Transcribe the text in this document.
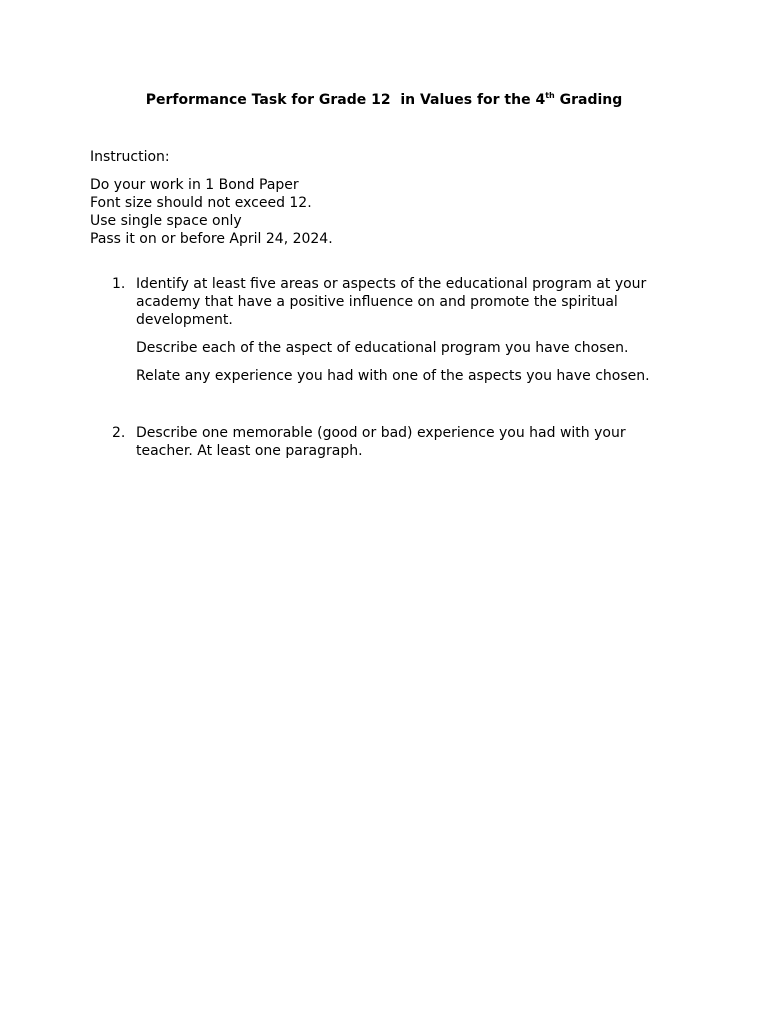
Performance Task for Grade 12  in Values for the 4th Grading
Instruction:
Do your work in 1 Bond Paper
Font size should not exceed 12.
Use single space only
Pass it on or before April 24, 2024.
1. Identify at least five areas or aspects of the educational program at your academy that have a positive influence on and promote the spiritual development.

Describe each of the aspect of educational program you have chosen.

Relate any experience you had with one of the aspects you have chosen.

2. Describe one memorable (good or bad) experience you had with your teacher. At least one paragraph.
